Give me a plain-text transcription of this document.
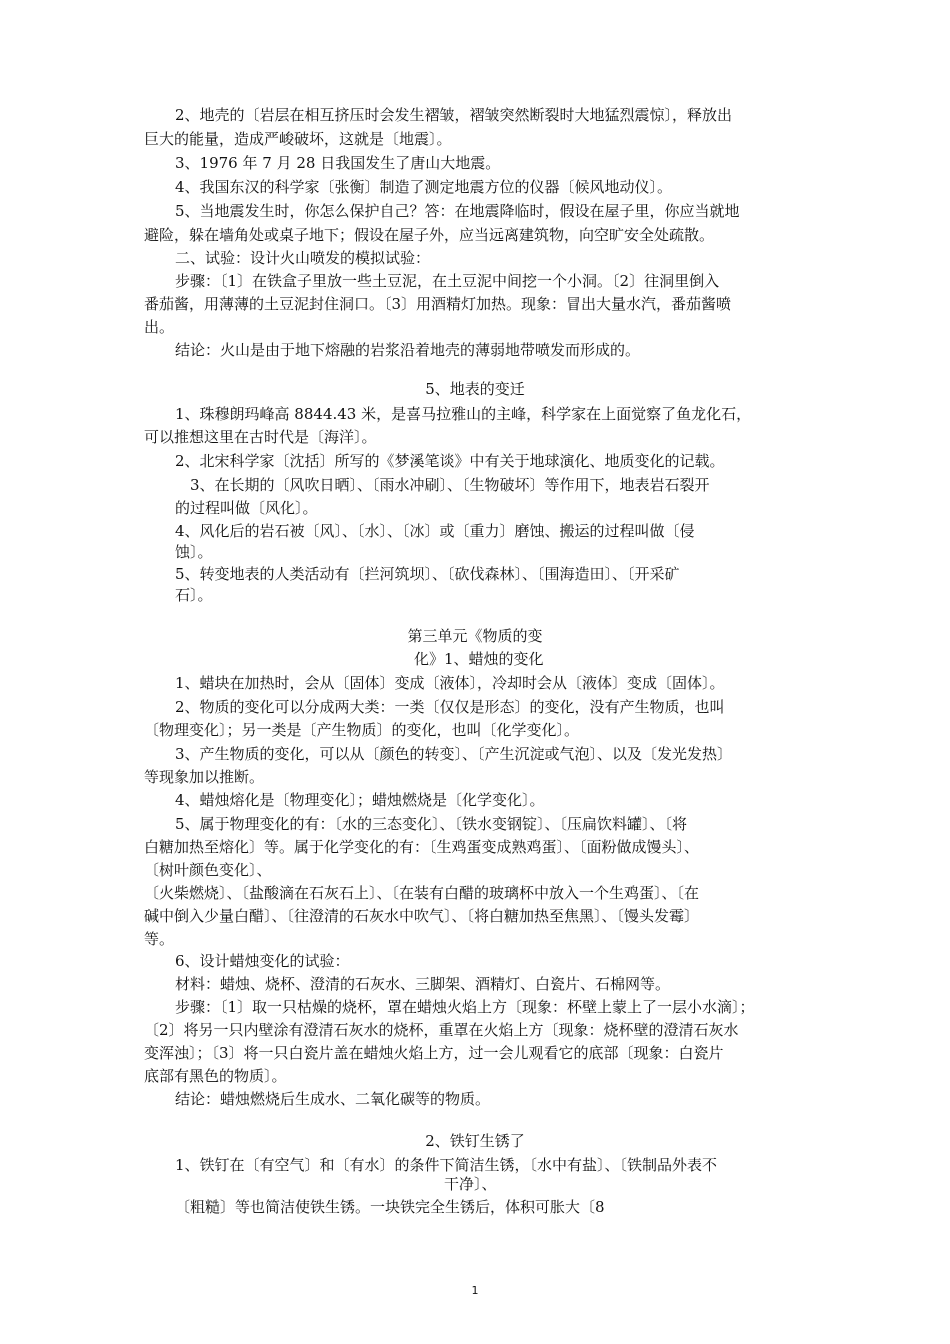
2、地壳的〔岩层在相互挤压时会发生褶皱，褶皱突然断裂时大地猛烈震惊〕，释放出
巨大的能量，造成严峻破坏，这就是〔地震〕。
3、1976 年 7 月 28 日我国发生了唐山大地震。
4、我国东汉的科学家〔张衡〕制造了测定地震方位的仪器〔候风地动仪〕。
5、当地震发生时，你怎么保护自己？答：在地震降临时，假设在屋子里，你应当就地
避险，躲在墙角处或桌子地下；假设在屋子外，应当远离建筑物，向空旷安全处疏散。
二、试验：设计火山喷发的模拟试验：
步骤：〔1〕在铁盒子里放一些土豆泥，在土豆泥中间挖一个小洞。〔2〕往洞里倒入
番茄酱，用薄薄的土豆泥封住洞口。〔3〕用酒精灯加热。现象：冒出大量水汽，番茄酱喷
出。
结论：火山是由于地下熔融的岩浆沿着地壳的薄弱地带喷发而形成的。
5、地表的变迁
1、珠穆朗玛峰高 8844.43 米，是喜马拉雅山的主峰，科学家在上面觉察了鱼龙化石，
可以推想这里在古时代是〔海洋〕。
2、北宋科学家〔沈括〕所写的《梦溪笔谈》中有关于地球演化、地质变化的记载。
3、在长期的〔风吹日晒〕、〔雨水冲刷〕、〔生物破坏〕等作用下，地表岩石裂开
的过程叫做〔风化〕。
4、风化后的岩石被〔风〕、〔水〕、〔冰〕或〔重力〕磨蚀、搬运的过程叫做〔侵
蚀〕。
5、转变地表的人类活动有〔拦河筑坝〕、〔砍伐森林〕、〔围海造田〕、〔开采矿
石〕。
第三单元《物质的变
化》1、蜡烛的变化
1、蜡块在加热时，会从〔固体〕变成〔液体〕，冷却时会从〔液体〕变成〔固体〕。
2、物质的变化可以分成两大类：一类〔仅仅是形态〕的变化，没有产生物质，也叫
〔物理变化〕；另一类是〔产生物质〕的变化，也叫〔化学变化〕。
3、产生物质的变化，可以从〔颜色的转变〕、〔产生沉淀或气泡〕、以及〔发光发热〕
等现象加以推断。
4、蜡烛熔化是〔物理变化〕；蜡烛燃烧是〔化学变化〕。
5、属于物理变化的有：〔水的三态变化〕、〔铁水变钢锭〕、〔压扁饮料罐〕、〔将
白糖加热至熔化〕等。属于化学变化的有：〔生鸡蛋变成熟鸡蛋〕、〔面粉做成馒头〕、
〔树叶颜色变化〕、
〔火柴燃烧〕、〔盐酸滴在石灰石上〕、〔在装有白醋的玻璃杯中放入一个生鸡蛋〕、〔在
碱中倒入少量白醋〕、〔往澄清的石灰水中吹气〕、〔将白糖加热至焦黑〕、〔馒头发霉〕
等。
6、设计蜡烛变化的试验：
材料：蜡烛、烧杯、澄清的石灰水、三脚架、酒精灯、白瓷片、石棉网等。
步骤：〔1〕取一只枯燥的烧杯，罩在蜡烛火焰上方〔现象：杯壁上蒙上了一层小水滴〕；
〔2〕将另一只内壁涂有澄清石灰水的烧杯，重罩在火焰上方〔现象：烧杯壁的澄清石灰水
变浑浊〕；〔3〕将一只白瓷片盖在蜡烛火焰上方，过一会儿观看它的底部〔现象：白瓷片
底部有黑色的物质〕。
结论：蜡烛燃烧后生成水、二氧化碳等的物质。
2、铁钉生锈了
1、铁钉在〔有空气〕和〔有水〕的条件下简洁生锈，〔水中有盐〕、〔铁制品外表不
干净〕、
〔粗糙〕等也简洁使铁生锈。一块铁完全生锈后，体积可胀大〔8
1
